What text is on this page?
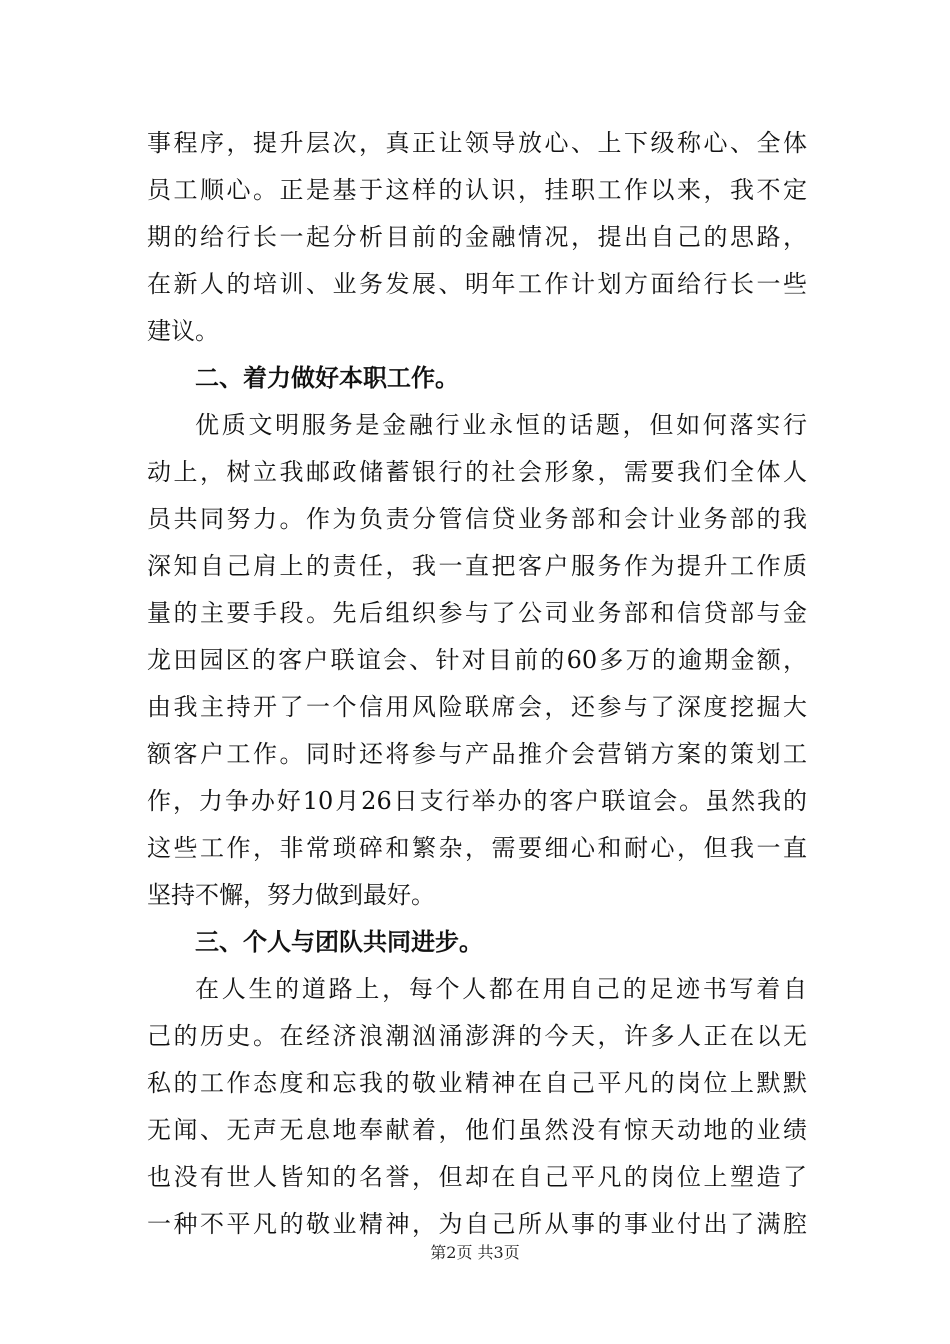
事程序，提升层次，真正让领导放心、上下级称心、全体
员工顺心。正是基于这样的认识，挂职工作以来，我不定
期的给行长一起分析目前的金融情况，提出自己的思路，
在新人的培训、业务发展、明年工作计划方面给行长一些
建议。
二、着力做好本职工作。
优质文明服务是金融行业永恒的话题，但如何落实行
动上，树立我邮政储蓄银行的社会形象，需要我们全体人
员共同努力。作为负责分管信贷业务部和会计业务部的我
深知自己肩上的责任，我一直把客户服务作为提升工作质
量的主要手段。先后组织参与了公司业务部和信贷部与金
龙田园区的客户联谊会、针对目前的60多万的逾期金额，
由我主持开了一个信用风险联席会，还参与了深度挖掘大
额客户工作。同时还将参与产品推介会营销方案的策划工
作，力争办好10月26日支行举办的客户联谊会。虽然我的
这些工作，非常琐碎和繁杂，需要细心和耐心，但我一直
坚持不懈，努力做到最好。
三、个人与团队共同进步。
在人生的道路上，每个人都在用自己的足迹书写着自
己的历史。在经济浪潮汹涌澎湃的今天，许多人正在以无
私的工作态度和忘我的敬业精神在自己平凡的岗位上默默
无闻、无声无息地奉献着，他们虽然没有惊天动地的业绩
也没有世人皆知的名誉，但却在自己平凡的岗位上塑造了
一种不平凡的敬业精神，为自己所从事的事业付出了满腔
第2页 共3页
